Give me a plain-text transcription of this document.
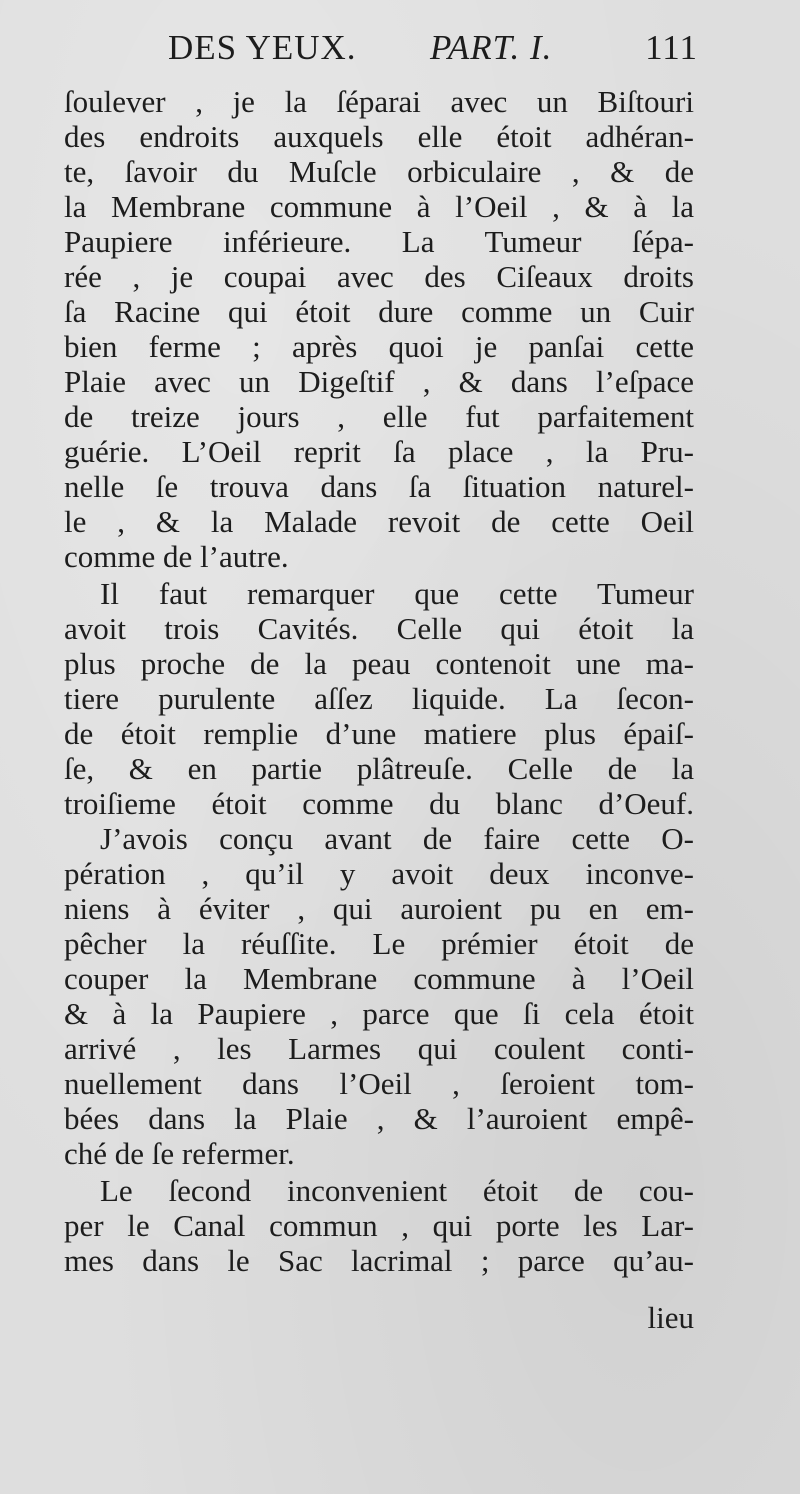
DES YEUX. PART. I.	111
ſoulever , je la ſéparai avec un Biſtouri
des endroits auxquels elle étoit adhéran-
te, ſavoir du Muſcle orbiculaire , & de
la Membrane commune à l’Oeil , & à la
Paupiere inférieure. La Tumeur ſépa-
rée , je coupai avec des Ciſeaux droits
ſa Racine qui étoit dure comme un Cuir
bien ferme ; après quoi je panſai cette
Plaie avec un Digeſtif , & dans l’eſpace
de treize jours , elle fut parfaitement
guérie. L’Oeil reprit ſa place , la Pru-
nelle ſe trouva dans ſa ſituation naturel-
le , & la Malade revoit de cette Oeil
comme de l’autre.
Il faut remarquer que cette Tumeur
avoit trois Cavités. Celle qui étoit la
plus proche de la peau contenoit une ma-
tiere purulente aſſez liquide. La ſecon-
de étoit remplie d’une matiere plus épaiſ-
ſe, & en partie plâtreuſe. Celle de la
troiſieme étoit comme du blanc d’Oeuf.
J’avois conçu avant de faire cette O-
pération , qu’il y avoit deux inconve-
niens à éviter , qui auroient pu en em-
pêcher la réuſſite. Le prémier étoit de
couper la Membrane commune à l’Oeil
& à la Paupiere , parce que ſi cela étoit
arrivé , les Larmes qui coulent conti-
nuellement dans l’Oeil , ſeroient tom-
bées dans la Plaie , & l’auroient empê-
ché de ſe refermer.
Le ſecond inconvenient étoit de cou-
per le Canal commun , qui porte les Lar-
mes dans le Sac lacrimal ; parce qu’au-
lieu
